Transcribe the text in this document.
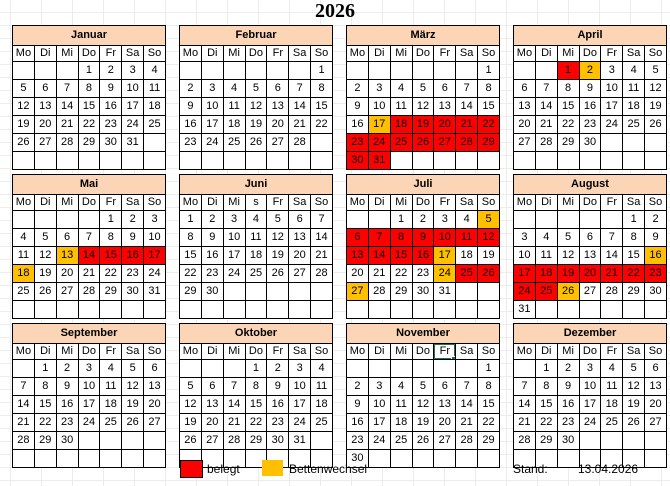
2026
Januar						
Mo	Di	Mi	Do	Fr	Sa	So
			1	2	3	4
5	6	7	8	9	10	11
12	13	14	15	16	17	18
19	20	21	22	23	24	25
26	27	28	29	30	31	

Februar						
Mo	Di	Mi	Do	Fr	Sa	So
						1
2	3	4	5	6	7	8
9	10	11	12	13	14	15
16	17	18	19	20	21	22
23	24	25	26	27	28	

März						
Mo	Di	Mi	Do	Fr	Sa	So
						1
2	3	4	5	6	7	8
9	10	11	12	13	14	15
16	17	18	19	20	21	22
23	24	25	26	27	28	29
30	31					
April						
Mo	Di	Mi	Do	Fr	Sa	So
		1	2	3	4	5
6	7	8	9	10	11	12
13	14	15	16	17	18	19
20	21	22	23	24	25	26
27	28	29	30			

Mai						
Mo	Di	Mi	Do	Fr	Sa	So
				1	2	3
4	5	6	7	8	9	10
11	12	13	14	15	16	17
18	19	20	21	22	23	24
25	26	27	28	29	30	31

Juni						
Mo	Di	Mi	s	Fr	Sa	So
1	2	3	4	5	6	7
8	9	10	11	12	13	14
15	16	17	18	19	20	21
22	23	24	25	26	27	28
29	30					

Juli						
Mo	Di	Mi	Do	Fr	Sa	So
		1	2	3	4	5
6	7	8	9	10	11	12
13	14	15	16	17	18	19
20	21	22	23	24	25	26
27	28	29	30	31		

August						
Mo	Di	Mi	Do	Fr	Sa	So
					1	2
3	4	5	6	7	8	9
10	11	12	13	14	15	16
17	18	19	20	21	22	23
24	25	26	27	28	29	30
31						
September						
Mo	Di	Mi	Do	Fr	Sa	So
	1	2	3	4	5	6
7	8	9	10	11	12	13
14	15	16	17	18	19	20
21	22	23	24	25	26	27
28	29	30				

Oktober						
Mo	Di	Mi	Do	Fr	Sa	So
			1	2	3	4
5	6	7	8	9	10	11
12	13	14	15	16	17	18
19	20	21	22	23	24	25
26	27	28	29	30	31	

November						
Mo	Di	Mi	Do	Fr	Sa	So
						1
2	3	4	5	6	7	8
9	10	11	12	13	14	15
16	17	18	19	20	21	22
23	24	25	26	27	28	29
30						
Dezember						
Mo	Di	Mi	Do	Fr	Sa	So
	1	2	3	4	5	6
7	8	9	10	11	12	13
14	15	16	17	18	19	20
21	22	23	24	25	26	27
28	29	30				

belegt	Bettenwechsel	Stand:	13.04.2026
